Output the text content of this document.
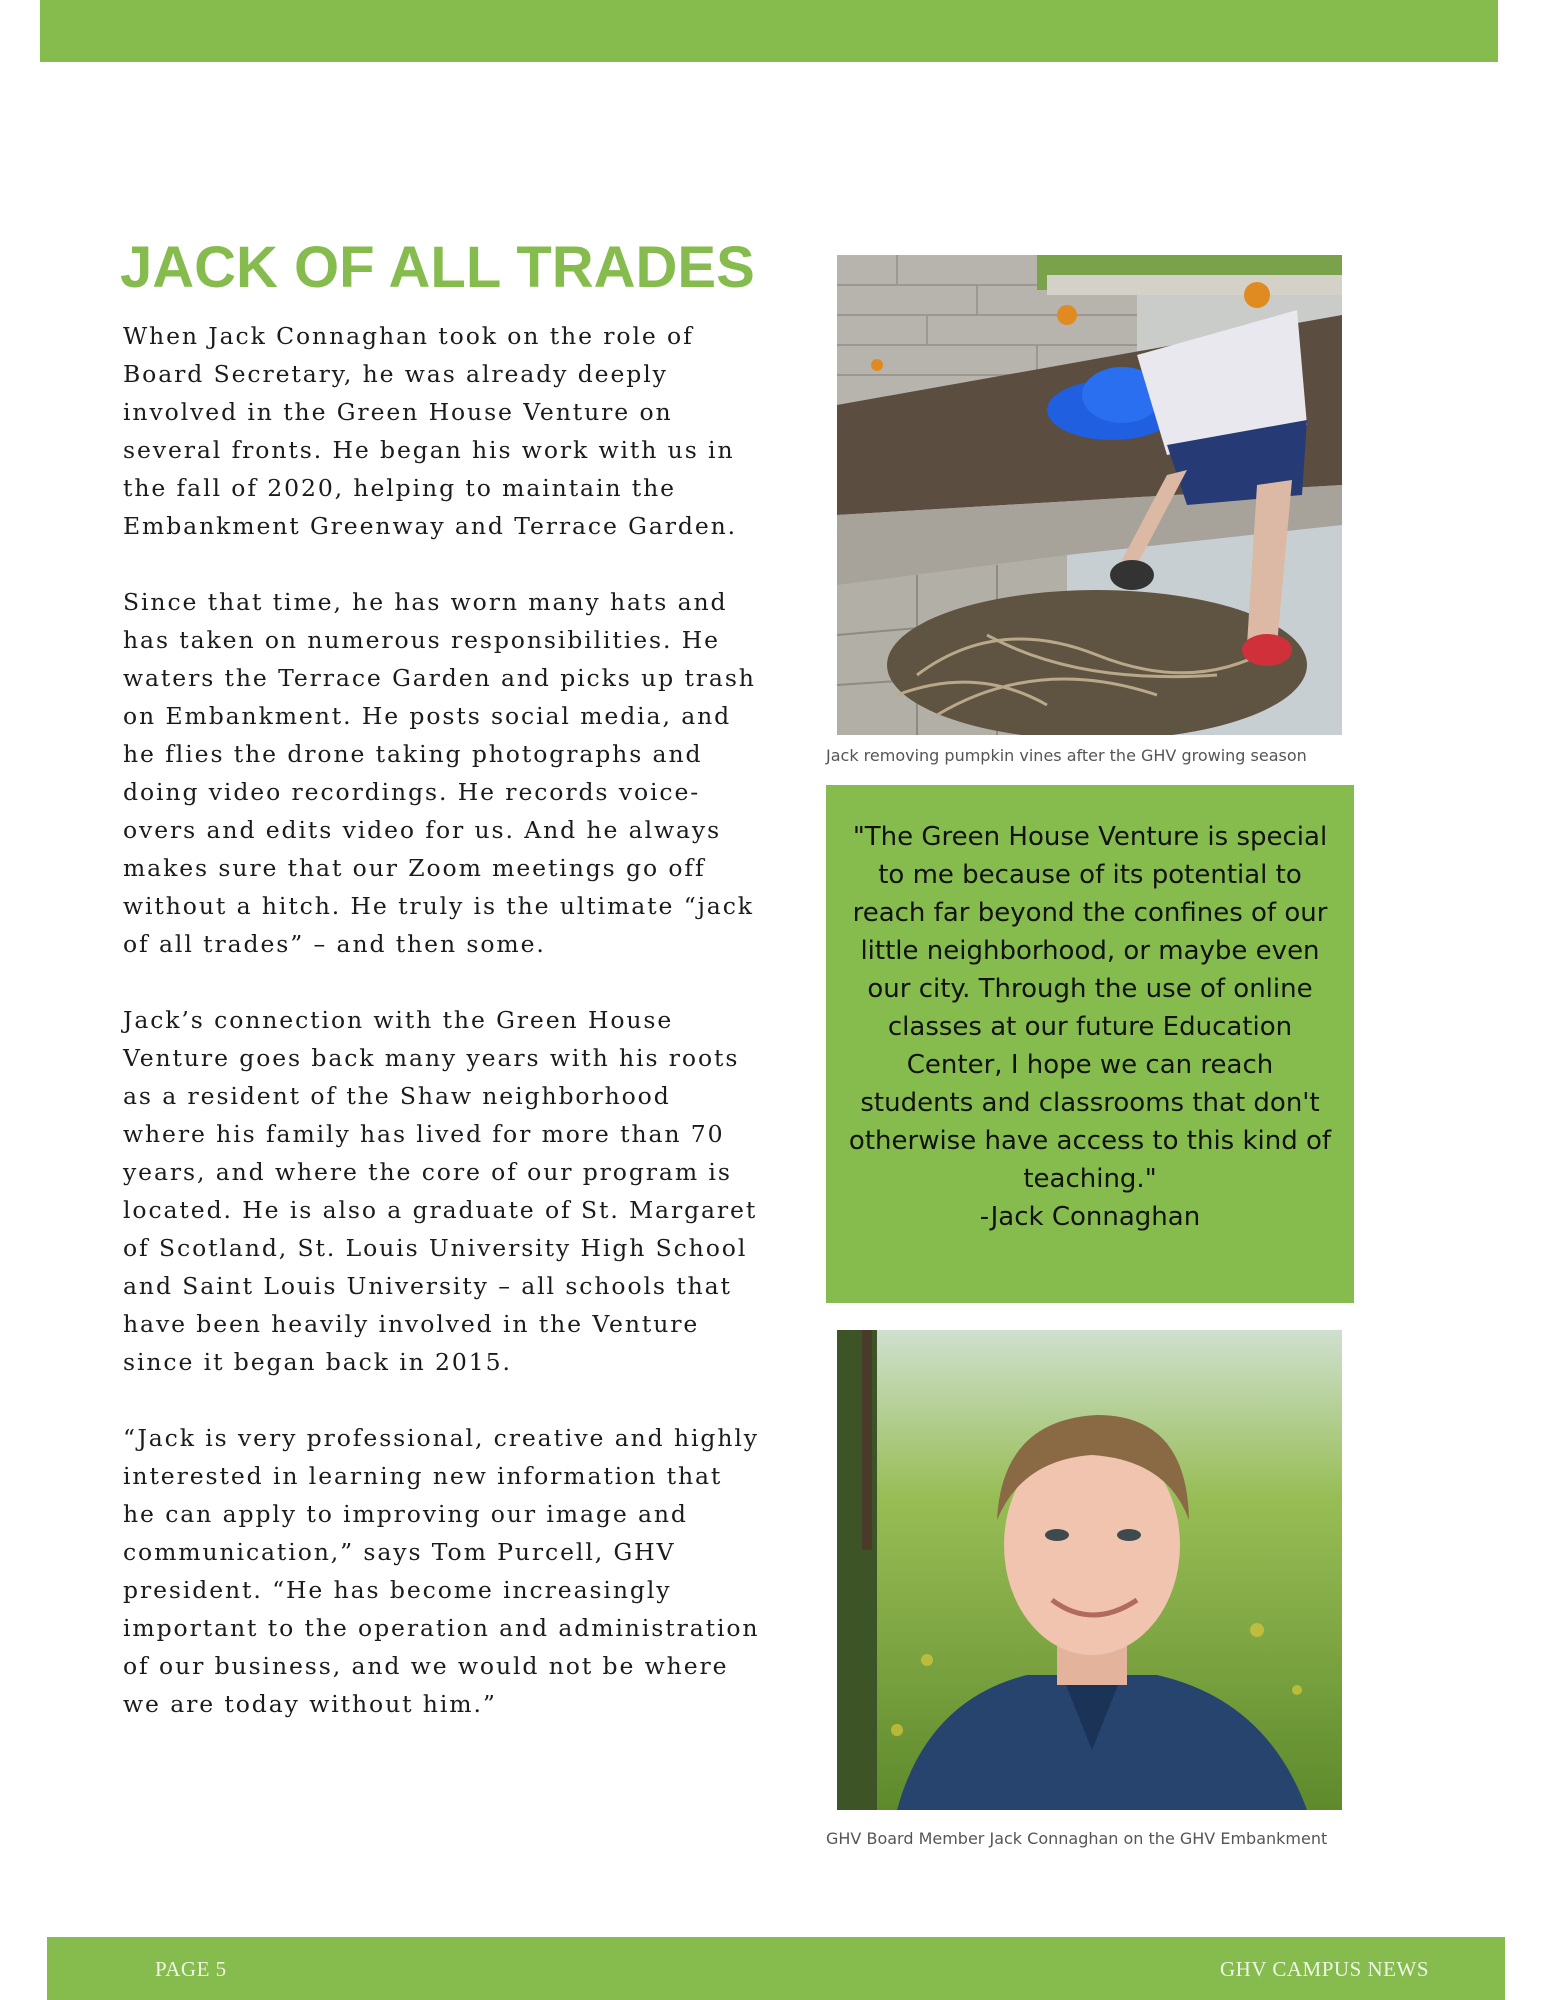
JACK OF ALL TRADES

When Jack Connaghan took on the role of Board Secretary, he was already deeply involved in the Green House Venture on several fronts. He began his work with us in the fall of 2020, helping to maintain the Embankment Greenway and Terrace Garden.

Since that time, he has worn many hats and has taken on numerous responsibilities. He waters the Terrace Garden and picks up trash on Embankment. He posts social media, and he flies the drone taking photographs and doing video recordings. He records voice-overs and edits video for us. And he always makes sure that our Zoom meetings go off without a hitch. He truly is the ultimate “jack of all trades” – and then some.

Jack’s connection with the Green House Venture goes back many years with his roots as a resident of the Shaw neighborhood where his family has lived for more than 70 years, and where the core of our program is located. He is also a graduate of St. Margaret of Scotland, St. Louis University High School and Saint Louis University – all schools that have been heavily involved in the Venture since it began back in 2015.

“Jack is very professional, creative and highly interested in learning new information that he can apply to improving our image and communication,” says Tom Purcell, GHV president. “He has become increasingly important to the operation and administration of our business, and we would not be where we are today without him.”

Jack removing pumpkin vines after the GHV growing season
"The Green House Venture is special to me because of its potential to reach far beyond the confines of our little neighborhood, or maybe even our city. Through the use of online classes at our future Education Center, I hope we can reach students and classrooms that don't otherwise have access to this kind of teaching."
-Jack Connaghan
GHV Board Member Jack Connaghan on the GHV Embankment
PAGE 5	GHV CAMPUS NEWS
